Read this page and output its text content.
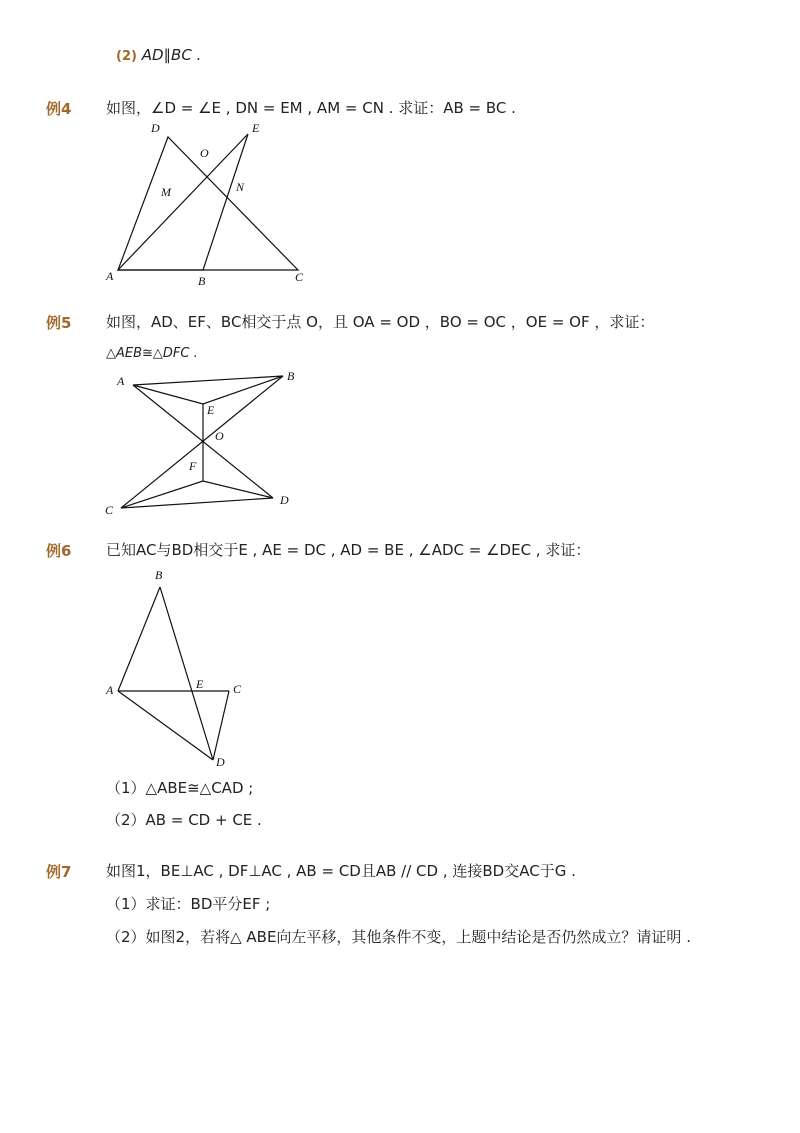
(2) AD∥BC .
例4 如图，∠D = ∠E , DN = EM , AM = CN . 求证：AB = BC .
D	E
O
M	N
A	B	C
例5 如图，AD、EF、BC相交于点 O，且 OA = OD ，BO = OC ，OE = OF ，求证：
△AEB≅△DFC .
A	B
E
O
F
C
D
例6 已知AC与BD相交于E , AE = DC , AD = BE , ∠ADC = ∠DEC , 求证：
B
A	E C
D
（1）△ABE≅△CAD ;
（2）AB = CD + CE .
例7 如图1，BE⊥AC , DF⊥AC , AB = CD且AB // CD , 连接BD交AC于G .
（1）求证：BD平分EF ;
（2）如图2，若将△ ABE向左平移，其他条件不变，上题中结论是否仍然成立？请证明 .
